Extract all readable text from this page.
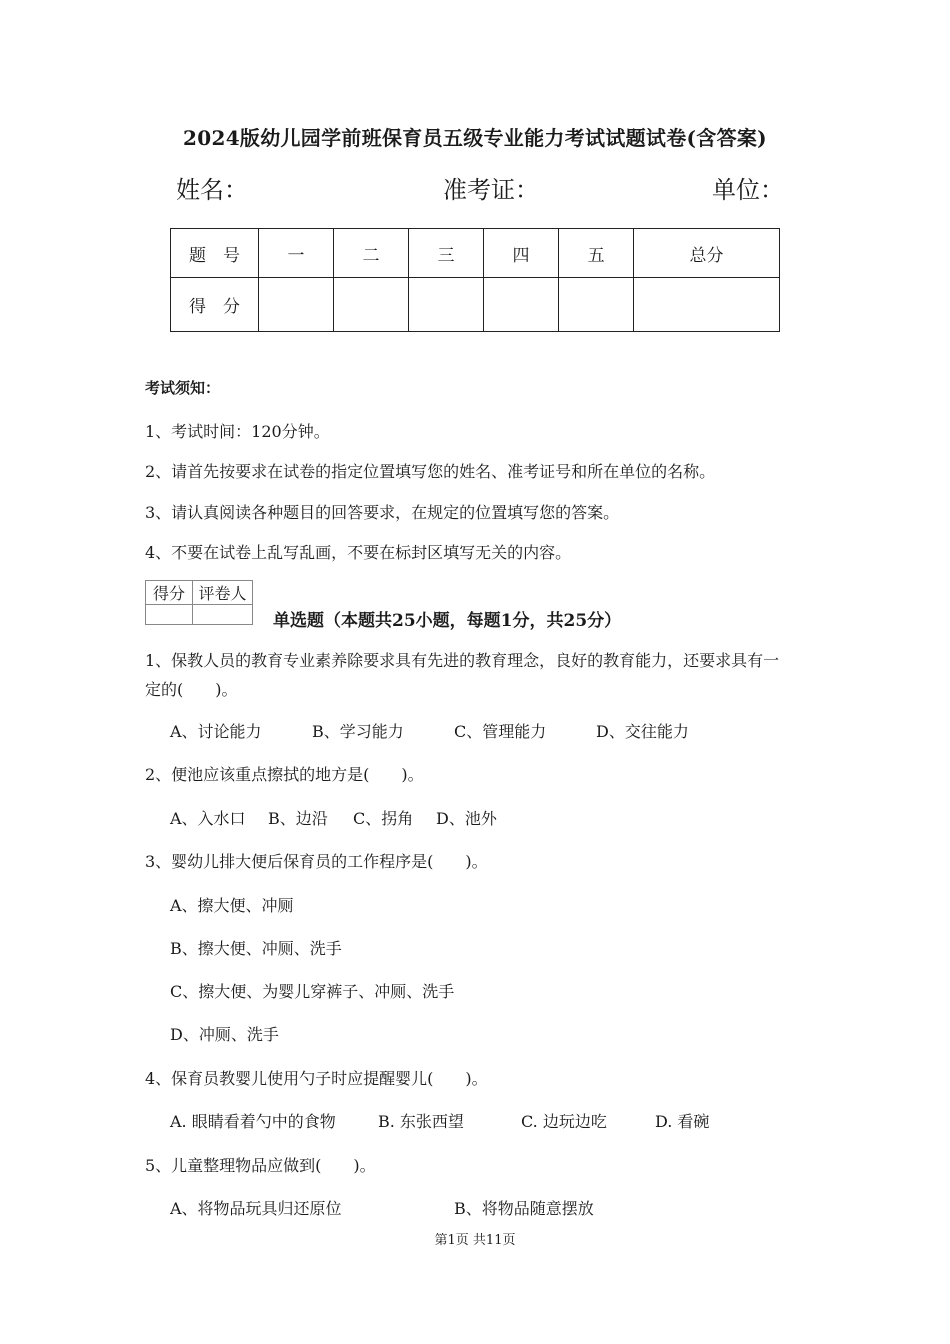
2024版幼儿园学前班保育员五级专业能力考试试题试卷(含答案)
姓名：	准考证：	单位：
题　号	一	二	三	四	五	总分
得　分						
考试须知：
1、考试时间：120分钟。
2、请首先按要求在试卷的指定位置填写您的姓名、准考证号和所在单位的名称。
3、请认真阅读各种题目的回答要求，在规定的位置填写您的答案。
4、不要在试卷上乱写乱画，不要在标封区填写无关的内容。
得分	评卷人

单选题（本题共25小题，每题1分，共25分）
1、保教人员的教育专业素养除要求具有先进的教育理念，良好的教育能力，还要求具有一
定的(　　)。
A、讨论能力	B、学习能力	C、管理能力	D、交往能力
2、便池应该重点擦拭的地方是(　　)。
A、入水口 B、边沿 C、拐角 D、池外
3、婴幼儿排大便后保育员的工作程序是(　　)。
A、擦大便、冲厕
B、擦大便、冲厕、洗手
C、擦大便、为婴儿穿裤子、冲厕、洗手
D、冲厕、洗手
4、保育员教婴儿使用勺子时应提醒婴儿(　　)。
A. 眼睛看着勺中的食物	B. 东张西望	C. 边玩边吃	D. 看碗
5、儿童整理物品应做到(　　)。
A、将物品玩具归还原位	B、将物品随意摆放
第1页 共11页
